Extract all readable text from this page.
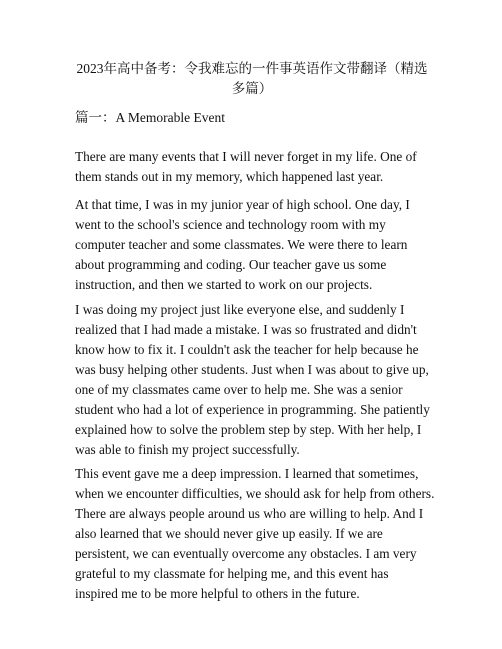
2023年高中备考：令我难忘的一件事英语作文带翻译（精选
多篇）
篇一：A Memorable Event

There are many events that I will never forget in my life. One of
them stands out in my memory, which happened last year.

At that time, I was in my junior year of high school. One day, I
went to the school's science and technology room with my
computer teacher and some classmates. We were there to learn
about programming and coding. Our teacher gave us some
instruction, and then we started to work on our projects.

I was doing my project just like everyone else, and suddenly I
realized that I had made a mistake. I was so frustrated and didn't
know how to fix it. I couldn't ask the teacher for help because he
was busy helping other students. Just when I was about to give up,
one of my classmates came over to help me. She was a senior
student who had a lot of experience in programming. She patiently
explained how to solve the problem step by step. With her help, I
was able to finish my project successfully.

This event gave me a deep impression. I learned that sometimes,
when we encounter difficulties, we should ask for help from others.
There are always people around us who are willing to help. And I
also learned that we should never give up easily. If we are
persistent, we can eventually overcome any obstacles. I am very
grateful to my classmate for helping me, and this event has
inspired me to be more helpful to others in the future.
